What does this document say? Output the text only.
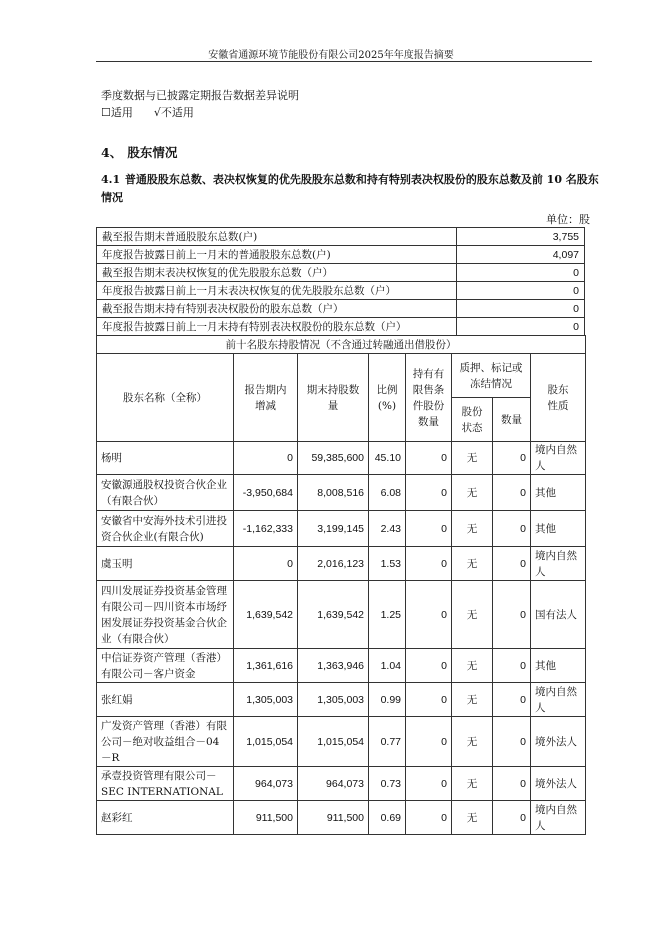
安徽省通源环境节能股份有限公司2025年年度报告摘要
季度数据与已披露定期报告数据差异说明
☐适用 √不适用
4、 股东情况
4.1 普通股股东总数、表决权恢复的优先股股东总数和持有特别表决权股份的股东总数及前 10 名股东情况
单位：股
截至报告期末普通股股东总数(户)	3,755
年度报告披露日前上一月末的普通股股东总数(户)	4,097
截至报告期末表决权恢复的优先股股东总数（户）	0
年度报告披露日前上一月末表决权恢复的优先股股东总数（户）	0
截至报告期末持有特别表决权股份的股东总数（户）	0
年度报告披露日前上一月末持有特别表决权股份的股东总数（户）	0
前十名股东持股情况（不含通过转融通出借股份）							
股东名称（全称）	报告期内增减	期末持股数量	比例(%)	持有有限售条件股份数量	质押、标记或冻结情况		股东性质
					股份状态	数量	
杨明	0	59,385,600	45.10	0	无	0	境内自然人
安徽源通股权投资合伙企业（有限合伙）	-3,950,684	8,008,516	6.08	0	无	0	其他
安徽省中安海外技术引进投资合伙企业(有限合伙)	-1,162,333	3,199,145	2.43	0	无	0	其他
虞玉明	0	2,016,123	1.53	0	无	0	境内自然人
四川发展证券投资基金管理有限公司－四川资本市场纾困发展证券投资基金合伙企业（有限合伙）	1,639,542	1,639,542	1.25	0	无	0	国有法人
中信证券资产管理（香港）有限公司－客户资金	1,361,616	1,363,946	1.04	0	无	0	其他
张红娟	1,305,003	1,305,003	0.99	0	无	0	境内自然人
广发资产管理（香港）有限公司－绝对收益组合－04－R	1,015,054	1,015,054	0.77	0	无	0	境外法人
承壹投资管理有限公司－SEC INTERNATIONAL	964,073	964,073	0.73	0	无	0	境外法人
赵彩红	911,500	911,500	0.69	0	无	0	境内自然人
